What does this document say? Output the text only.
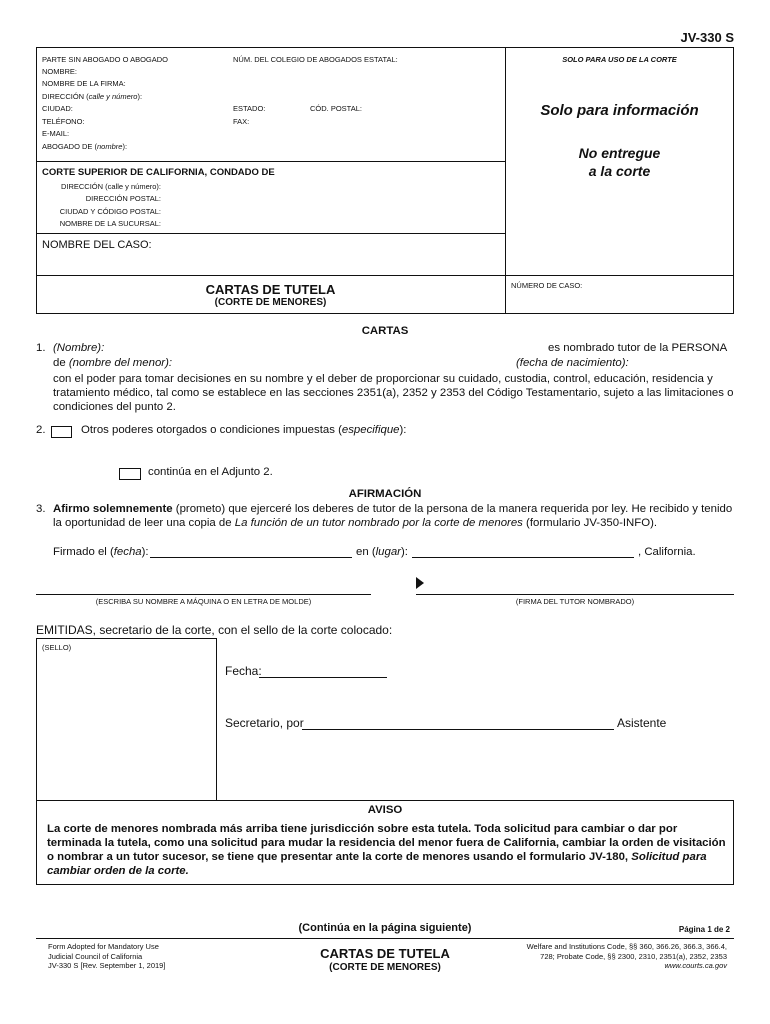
JV-330 S
PARTE SIN ABOGADO O ABOGADO	NÚM. DEL COLEGIO DE ABOGADOS ESTATAL:	SOLO PARA USO DE LA CORTE
NOMBRE:
NOMBRE DE LA FIRMA:
DIRECCIÓN (calle y número):
CIUDAD:	ESTADO:	CÓD. POSTAL:
TELÉFONO:	FAX:
E-MAIL:
ABOGADO DE (nombre):
Solo para información
No entregue
a la corte
CORTE SUPERIOR DE CALIFORNIA, CONDADO DE
DIRECCIÓN (calle y número):
DIRECCIÓN POSTAL:
CIUDAD Y CÓDIGO POSTAL:
NOMBRE DE LA SUCURSAL:
NOMBRE DEL CASO:
CARTAS DE TUTELA
(CORTE DE MENORES)
NÚMERO DE CASO:
CARTAS
1. (Nombre):	es nombrado tutor de la PERSONA
de (nombre del menor):	(fecha de nacimiento):
con el poder para tomar decisiones en su nombre y el deber de proporcionar su cuidado, custodia, control, educación, residencia y tratamiento médico, tal como se establece en las secciones 2351(a), 2352 y 2353 del Código Testamentario, sujeto a las limitaciones o condiciones del punto 2.
2.	Otros poderes otorgados o condiciones impuestas (especifique):
continúa en el Adjunto 2.
AFIRMACIÓN
3. Afirmo solemnemente (prometo) que ejerceré los deberes de tutor de la persona de la manera requerida por ley. He recibido y tenido la oportunidad de leer una copia de La función de un tutor nombrado por la corte de menores (formulario JV-350-INFO).
Firmado el (fecha):	en (lugar):	, California.
(ESCRIBA SU NOMBRE A MÁQUINA O EN LETRA DE MOLDE)	(FIRMA DEL TUTOR NOMBRADO)
EMITIDAS, secretario de la corte, con el sello de la corte colocado:
(SELLO)
Fecha:
Secretario, por	Asistente
AVISO
La corte de menores nombrada más arriba tiene jurisdicción sobre esta tutela. Toda solicitud para cambiar o dar por terminada la tutela, como una solicitud para mudar la residencia del menor fuera de California, cambiar la orden de visitación o nombrar a un tutor sucesor, se tiene que presentar ante la corte de menores usando el formulario JV-180, Solicitud para cambiar orden de la corte.
(Continúa en la página siguiente)	Página 1 de 2
Form Adopted for Mandatory Use
Judicial Council of California
JV-330 S [Rev. September 1, 2019]
CARTAS DE TUTELA
(CORTE DE MENORES)
Welfare and Institutions Code, §§ 360, 366.26, 366.3, 366.4,
728; Probate Code, §§ 2300, 2310, 2351(a), 2352, 2353
www.courts.ca.gov
